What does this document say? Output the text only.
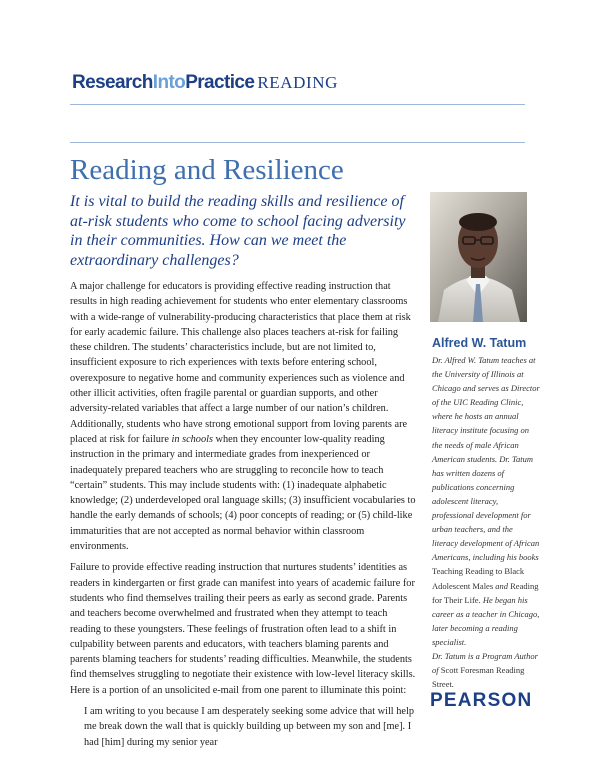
ResearchIntoPractice READING
Reading and Resilience
It is vital to build the reading skills and resilience of at-risk students who come to school facing adversity in their communities. How can we meet the extraordinary challenges?

A major challenge for educators is providing effective reading instruction that results in high reading achievement for students who enter elementary classrooms with a wide-range of vulnerability-producing characteristics that place them at risk for early academic failure. This challenge also places teachers at-risk for failing these children. The students’ characteristics include, but are not limited to, insufficient exposure to rich experiences with texts before entering school, overexposure to negative home and community experiences such as violence and other illicit activities, often fragile parental or guardian supports, and other adversity-related variables that affect a large number of our nation’s children. Additionally, students who have strong emotional support from loving parents are placed at risk for failure in schools when they encounter low-quality reading instruction in the primary and intermediate grades from inexperienced or inadequately prepared teachers who are struggling to reconcile how to teach “certain” students. This may include students with: (1) inadequate alphabetic knowledge; (2) underdeveloped oral language skills; (3) insufficient vocabularies to handle the early demands of schools; (4) poor concepts of reading; or (5) child-like immaturities that are not accepted as normal behavior within classroom environments.

Failure to provide effective reading instruction that nurtures students’ identities as readers in kindergarten or first grade can manifest into years of academic failure for students who find themselves trailing their peers as early as second grade. Parents and teachers become overwhelmed and frustrated when they attempt to teach reading to these youngsters. These feelings of frustration often lead to a shift in culpability between parents and educators, with teachers blaming parents and parents blaming teachers for students’ reading difficulties. Meanwhile, the students find themselves struggling to negotiate their existence with low-level literacy skills. Here is a portion of an unsolicited e-mail from one parent to illuminate this point:

I am writing to you because I am desperately seeking some advice that will help me break down the wall that is quickly building up between my son and [me]. I had [him] during my senior year

Alfred W. Tatum
Dr. Alfred W. Tatum teaches at the University of Illinois at Chicago and serves as Director of the UIC Reading Clinic, where he hosts an annual literacy institute focusing on the needs of male African American students. Dr. Tatum has written dozens of publications concerning adolescent literacy, professional development for urban teachers, and the literacy development of African Americans, including his books Teaching Reading to Black Adolescent Males and Reading for Their Life. He began his career as a teacher in Chicago, later becoming a reading specialist.
Dr. Tatum is a Program Author of Scott Foresman Reading Street.
PEARSON
